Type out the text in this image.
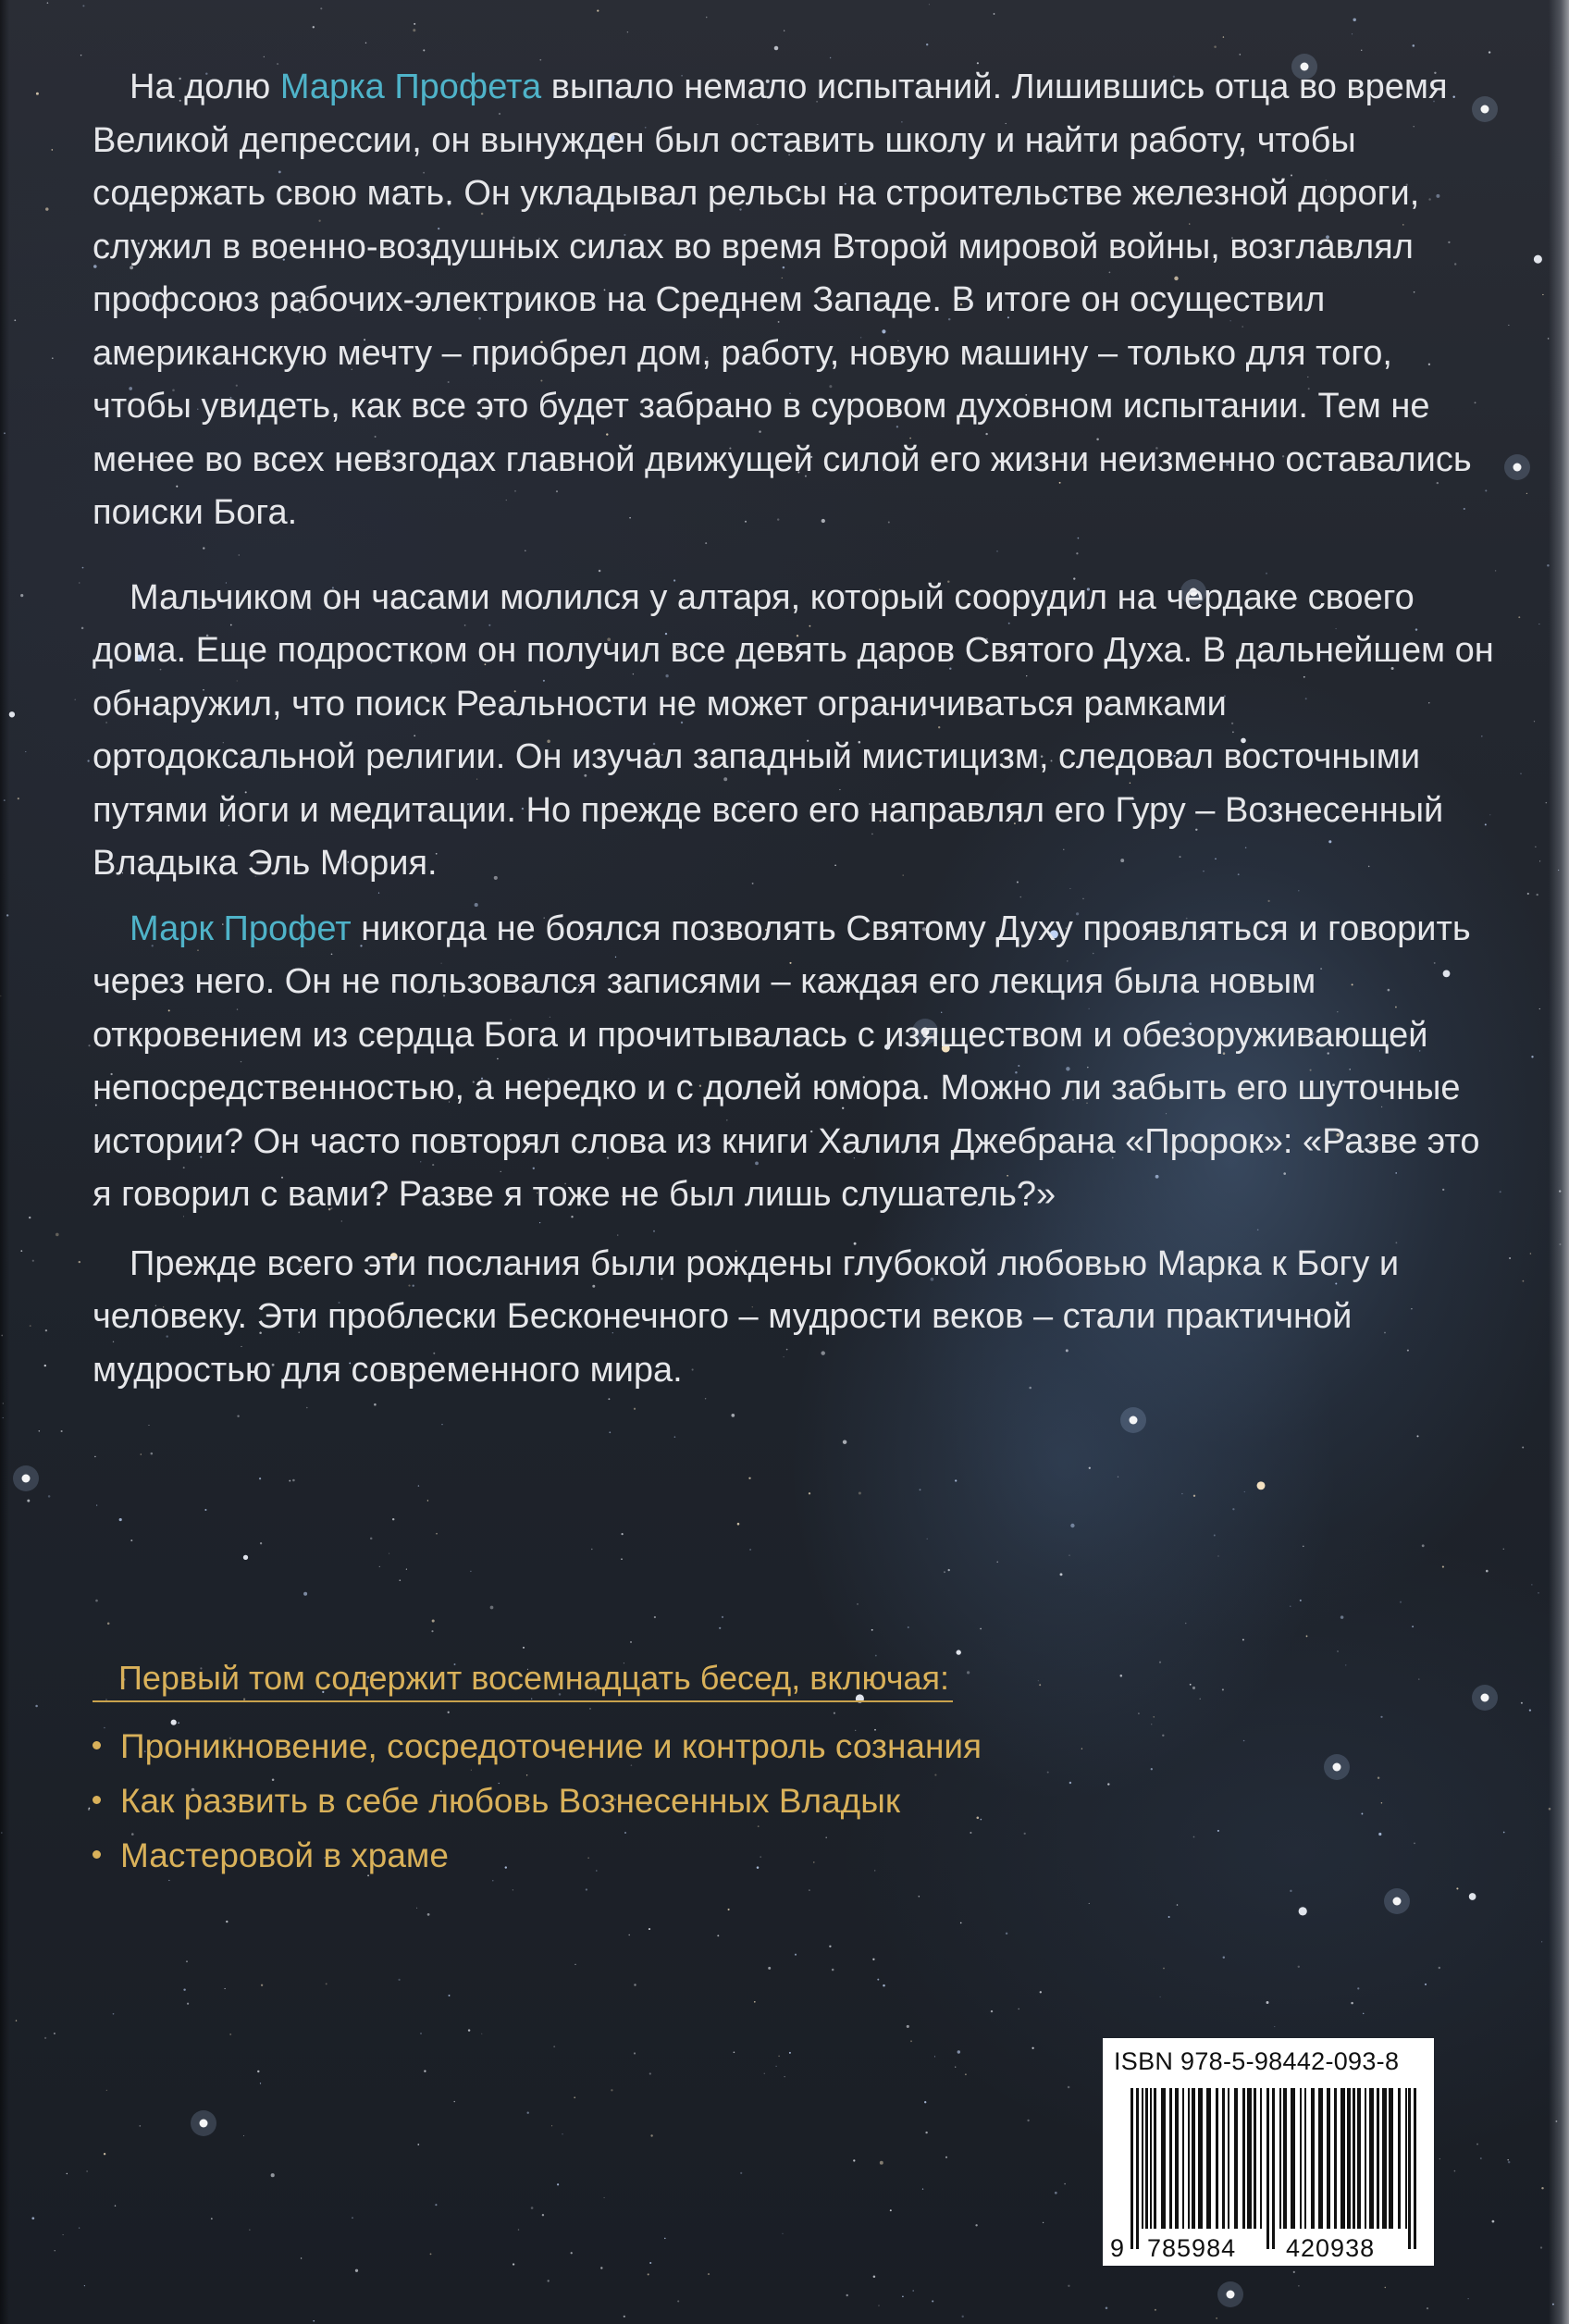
На долю Марка Профета выпало немало испытаний. Лишившись отца во время Великой депрессии, он вынужден был оставить школу и найти работу, чтобы содержать свою мать. Он укладывал рельсы на строительстве железной дороги, служил в военно-воздушных силах во время Второй мировой войны, возглавлял профсоюз рабочих-электриков на Среднем Западе. В итоге он осуществил американскую мечту – приобрел дом, работу, новую машину – только для того, чтобы увидеть, как все это будет забрано в суровом духовном испытании. Тем не менее во всех невзгодах главной движущей силой его жизни неизменно оставались поиски Бога.

Мальчиком он часами молился у алтаря, который соорудил на чердаке своего дома. Еще подростком он получил все девять даров Святого Духа. В дальнейшем он обнаружил, что поиск Реальности не может ограничиваться рамками ортодоксальной религии. Он изучал западный мистицизм, следовал восточными путями йоги и медитации. Но прежде всего его направлял его Гуру – Вознесенный Владыка Эль Мория.

Марк Профет никогда не боялся позволять Святому Духу проявляться и говорить через него. Он не пользовался записями – каждая его лекция была новым откровением из сердца Бога и прочитывалась с изяществом и обезоруживающей непосредственностью, а нередко и с долей юмора. Можно ли забыть его шуточные истории? Он часто повторял слова из книги Халиля Джебрана «Пророк»: «Разве это я говорил с вами? Разве я тоже не был лишь слушатель?»

Прежде всего эти послания были рождены глубокой любовью Марка к Богу и человеку. Эти проблески Бесконечного – мудрости веков – стали практичной мудростью для современного мира.

Первый том содержит восемнадцать бесед, включая:
Проникновение, сосредоточение и контроль сознания
Как развить в себе любовь Вознесенных Владык
Мастеровой в храме
ISBN 978-5-98442-093-8
9 785984 420938
